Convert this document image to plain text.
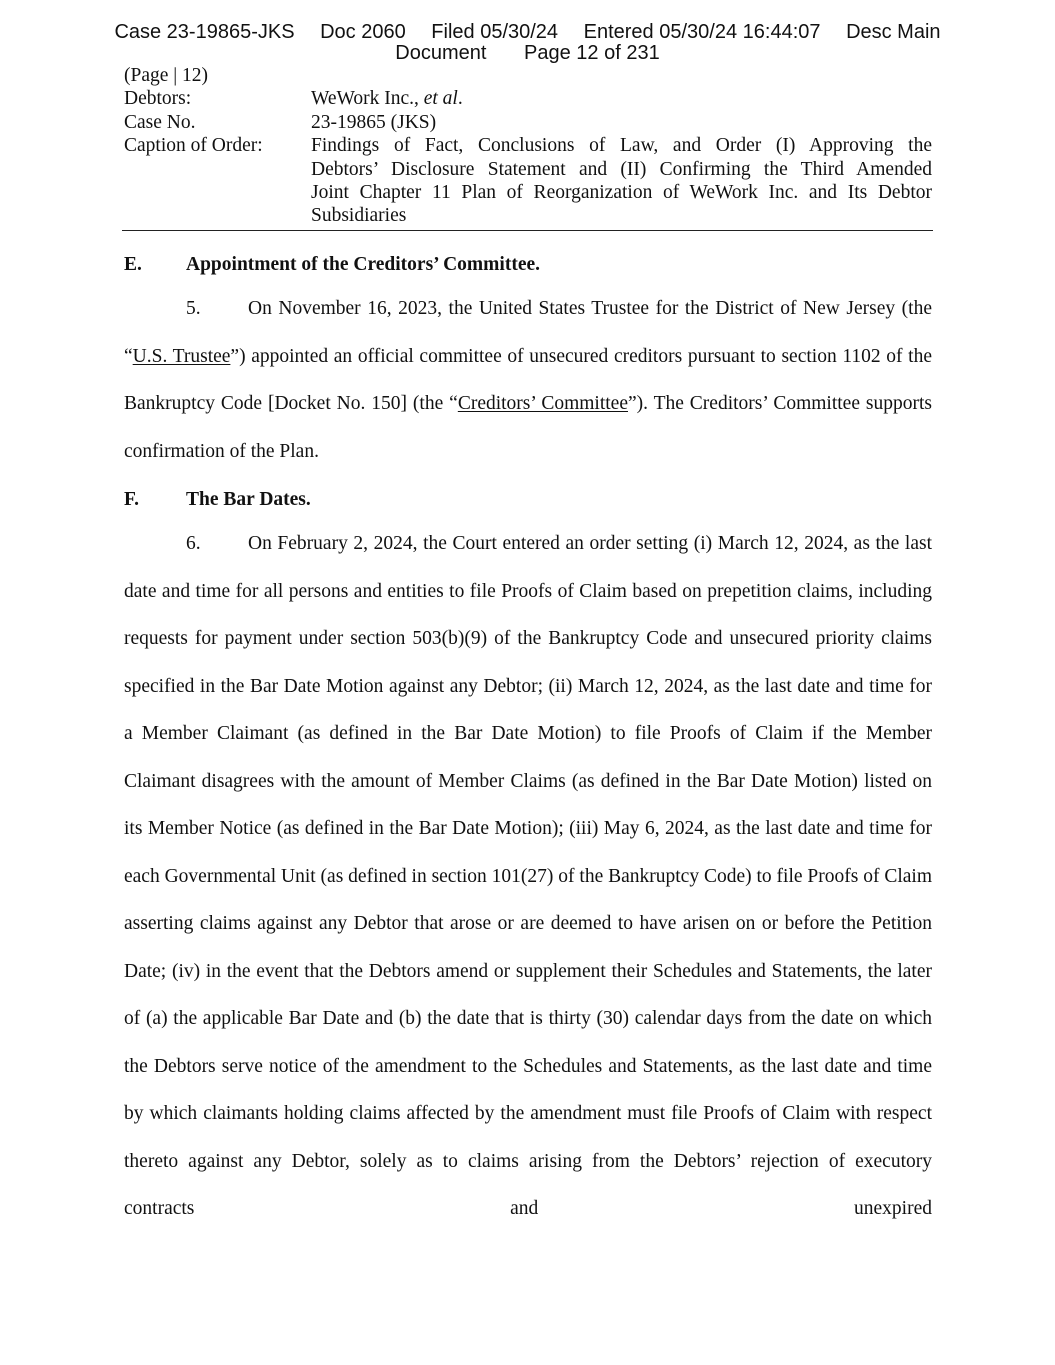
Case 23-19865-JKS Doc 2060 Filed 05/30/24 Entered 05/30/24 16:44:07 Desc Main
Document Page 12 of 231
(Page | 12)
Debtors:	WeWork Inc., et al.
Case No.	23-19865 (JKS)
Caption of Order:	Findings of Fact, Conclusions of Law, and Order (I) Approving the
Debtors’ Disclosure Statement and (II) Confirming the Third Amended
Joint Chapter 11 Plan of Reorganization of WeWork Inc. and Its Debtor
Subsidiaries
E. Appointment of the Creditors’ Committee.
5. On November 16, 2023, the United States Trustee for the District of New Jersey (the “U.S. Trustee”) appointed an official committee of unsecured creditors pursuant to section 1102 of the Bankruptcy Code [Docket No. 150] (the “Creditors’ Committee”). The Creditors’ Committee supports confirmation of the Plan.
F. The Bar Dates.
6. On February 2, 2024, the Court entered an order setting (i) March 12, 2024, as the last date and time for all persons and entities to file Proofs of Claim based on prepetition claims, including requests for payment under section 503(b)(9) of the Bankruptcy Code and unsecured priority claims specified in the Bar Date Motion against any Debtor; (ii) March 12, 2024, as the last date and time for a Member Claimant (as defined in the Bar Date Motion) to file Proofs of Claim if the Member Claimant disagrees with the amount of Member Claims (as defined in the Bar Date Motion) listed on its Member Notice (as defined in the Bar Date Motion); (iii) May 6, 2024, as the last date and time for each Governmental Unit (as defined in section 101(27) of the Bankruptcy Code) to file Proofs of Claim asserting claims against any Debtor that arose or are deemed to have arisen on or before the Petition Date; (iv) in the event that the Debtors amend or supplement their Schedules and Statements, the later of (a) the applicable Bar Date and (b) the date that is thirty (30) calendar days from the date on which the Debtors serve notice of the amendment to the Schedules and Statements, as the last date and time by which claimants holding claims affected by the amendment must file Proofs of Claim with respect thereto against any Debtor, solely as to claims arising from the Debtors’ rejection of executory contracts and unexpired
